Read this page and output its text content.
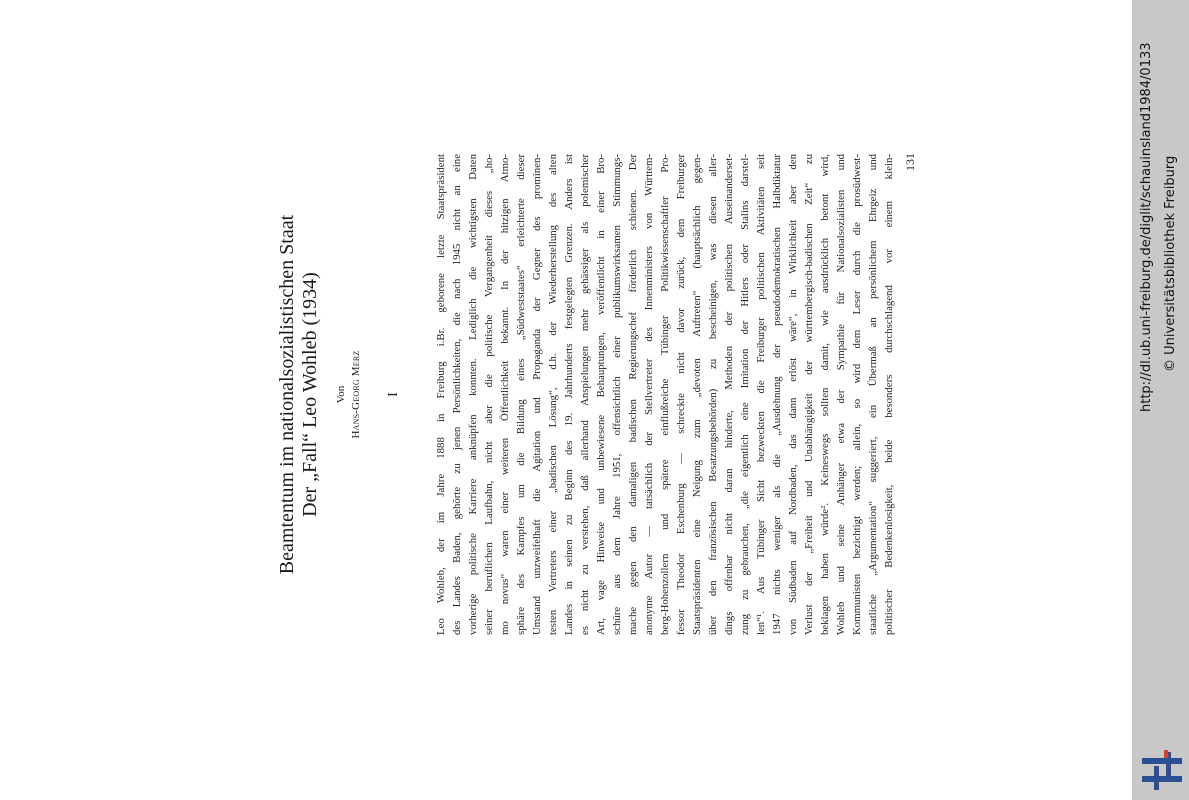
Beamtentum im nationalsozialistischen Staat Der „Fall“ Leo Wohleb (1934) Von Hans-Georg Merz I	Leo Wohleb, der im Jahre 1888 in Freiburg i.Br. geborene letzte Staatspräsident des Landes Baden, gehörte zu jenen Persönlichkeiten, die nach 1945 nicht an eine vorherige politische Karriere anknüpfen konnten. Lediglich die wichtigsten Daten seiner beruflichen Laufbahn, nicht aber die politische Vergangenheit dieses „ho- mo novus“ waren einer weiteren Öffentlichkeit bekannt. In der hitzigen Atmo- sphäre des Kampfes um die Bildung eines „Südweststaates“ erleichterte dieser Umstand unzweifelhaft die Agitation und Propaganda der Gegner des prominen- testen Vertreters einer „badischen Lösung“, d.h. der Wiederherstellung des alten Landes in seinen zu Beginn des 19. Jahrhunderts festgelegten Grenzen. Anders ist es nicht zu verstehen, daß allerhand Anspielungen mehr gehässiger als polemischer Art, vage Hinweise und unbewiesene Behauptungen, veröffentlicht in einer Bro- schüre aus dem Jahre 1951, offensichtlich einer publikumswirksamen Stimmungs- mache gegen den damaligen badischen Regierungschef förderlich schienen. Der anonyme Autor — tatsächlich der Stellvertreter des Innenministers von Württem- berg-Hohenzollern und spätere einflußreiche Tübinger Politikwissenschaftler Pro- fessor Theodor Eschenburg — schreckte nicht davor zurück, dem Freiburger Staatspräsidenten eine Neigung zum „devoten Auftreten“ (hauptsächlich gegen- über den französischen Besatzungsbehörden) zu bescheinigen, was diesen aller- dings offenbar nicht daran hinderte, Methoden der politischen Auseinanderset- zung zu gebrauchen, „die eigentlich eine Imitation der Hitlers oder Stalins darstel- len“¹. Aus Tübinger Sicht bezweckten die Freiburger politischen Aktivitäten seit 1947 nichts weniger als die „Ausdehnung der pseudodemokratischen Halbdiktatur von Südbaden auf Nordbaden, das dann erlöst wäre“, in Wirklichkeit aber den Verlust der „Freiheit und Unabhängigkeit der württembergisch-badischen Zeit“ zu beklagen haben würde². Keineswegs sollten damit, wie ausdrücklich betont wird, Wohleb und seine Anhänger etwa der Sympathie für Nationalsozialisten und Kommunisten bezichtigt werden; allein, so wird dem Leser durch die prosüdwest- staatliche „Argumentation“ suggeriert, ein Übermaß an persönlichem Ehrgeiz und politischer Bedenkenlosigkeit, beide besonders durchschlagend vor einem klein- 131	http://dl.ub.uni-freiburg.de/diglit/schauinsland1984/0133 © Universitätsbibliothek Freiburg
